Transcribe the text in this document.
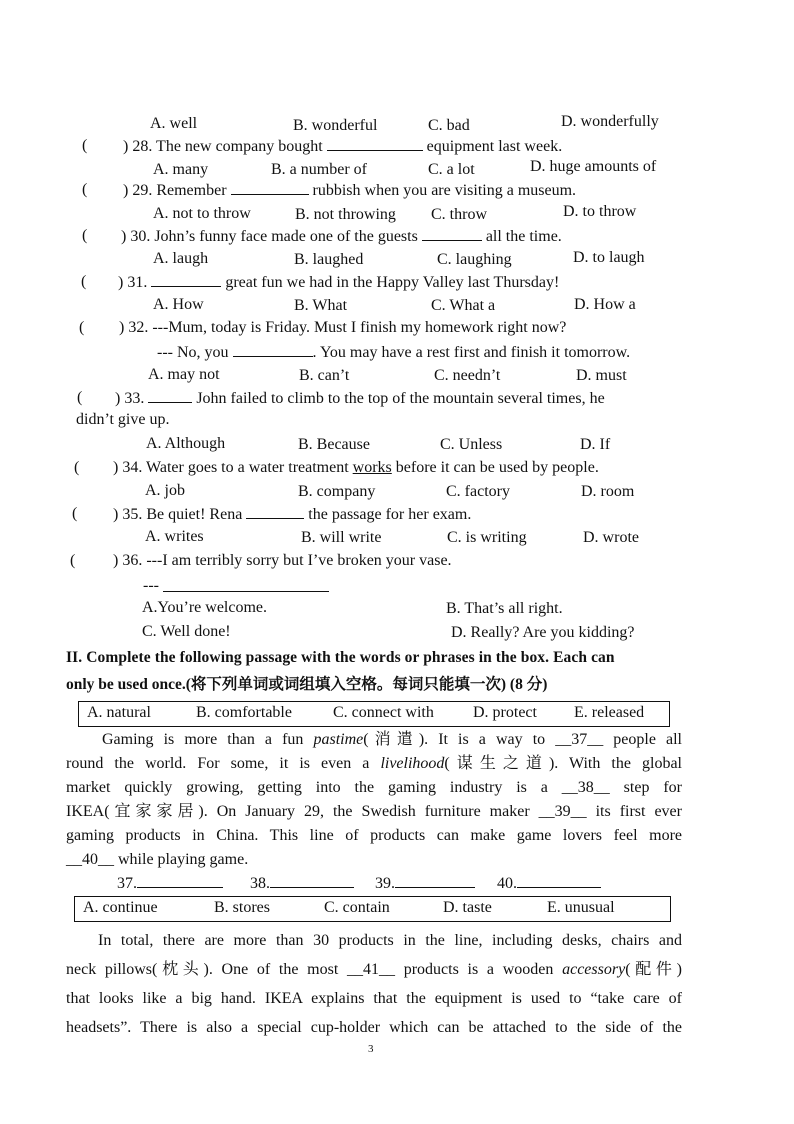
A. well	B. wonderful	C. bad	D. wonderfully
( ) 28. The new company bought	equipment last week.
A. many	B. a number of	C. a lot	D. huge amounts of
( ) 29. Remember	rubbish when you are visiting a museum.
A. not to throw	B. not throwing C. throw	D. to throw
( ) 30. John’s funny face made one of the guests	all the time.
A. laugh	B. laughed	C. laughing	D. to laugh
( ) 31.	great fun we had in the Happy Valley last Thursday!
A. How	B. What	C. What a	D. How a
( ) 32. ---Mum, today is Friday. Must I finish my homework right now?
--- No, you	. You may have a rest first and finish it tomorrow.
A. may not	B. can’t	C. needn’t	D. must
( ) 33.	John failed to climb to the top of the mountain several times, he
didn’t give up.
A. Although	B. Because	C. Unless	D. If
( ) 34. Water goes to a water treatment works before it can be used by people.
A. job	B. company	C. factory	D. room
( ) 35. Be quiet! Rena	the passage for her exam.
A. writes	B. will write	C. is writing	D. wrote
( ) 36. ---I am terribly sorry but I’ve broken your vase.
---
A.You’re welcome.	B. That’s all right.
C. Well done!	D. Really? Are you kidding?
II. Complete the following passage with the words or phrases in the box. Each can
only be used once.(将下列单词或词组填入空格。每词只能填一次) (8 分)
A. natural	B. comfortable	C. connect with D. protect E. released
Gaming is more than a fun pastime(消遣). It is a way to __37__ people all
round the world. For some, it is even a livelihood(谋生之道). With the global
market quickly growing, getting into the gaming industry is a __38__ step for
IKEA(宜家家居). On January 29, the Swedish furniture maker __39__ its first ever
gaming products in China. This line of products can make game lovers feel more
__40__ while playing game.
37.	38.	39.	40.
A. continue	B. stores	C. contain	D. taste	E. unusual
In total, there are more than 30 products in the line, including desks, chairs and
neck pillows(枕头). One of the most __41__ products is a wooden accessory(配件)
that looks like a big hand. IKEA explains that the equipment is used to “take care of
headsets”. There is also a special cup-holder which can be attached to the side of the
3
